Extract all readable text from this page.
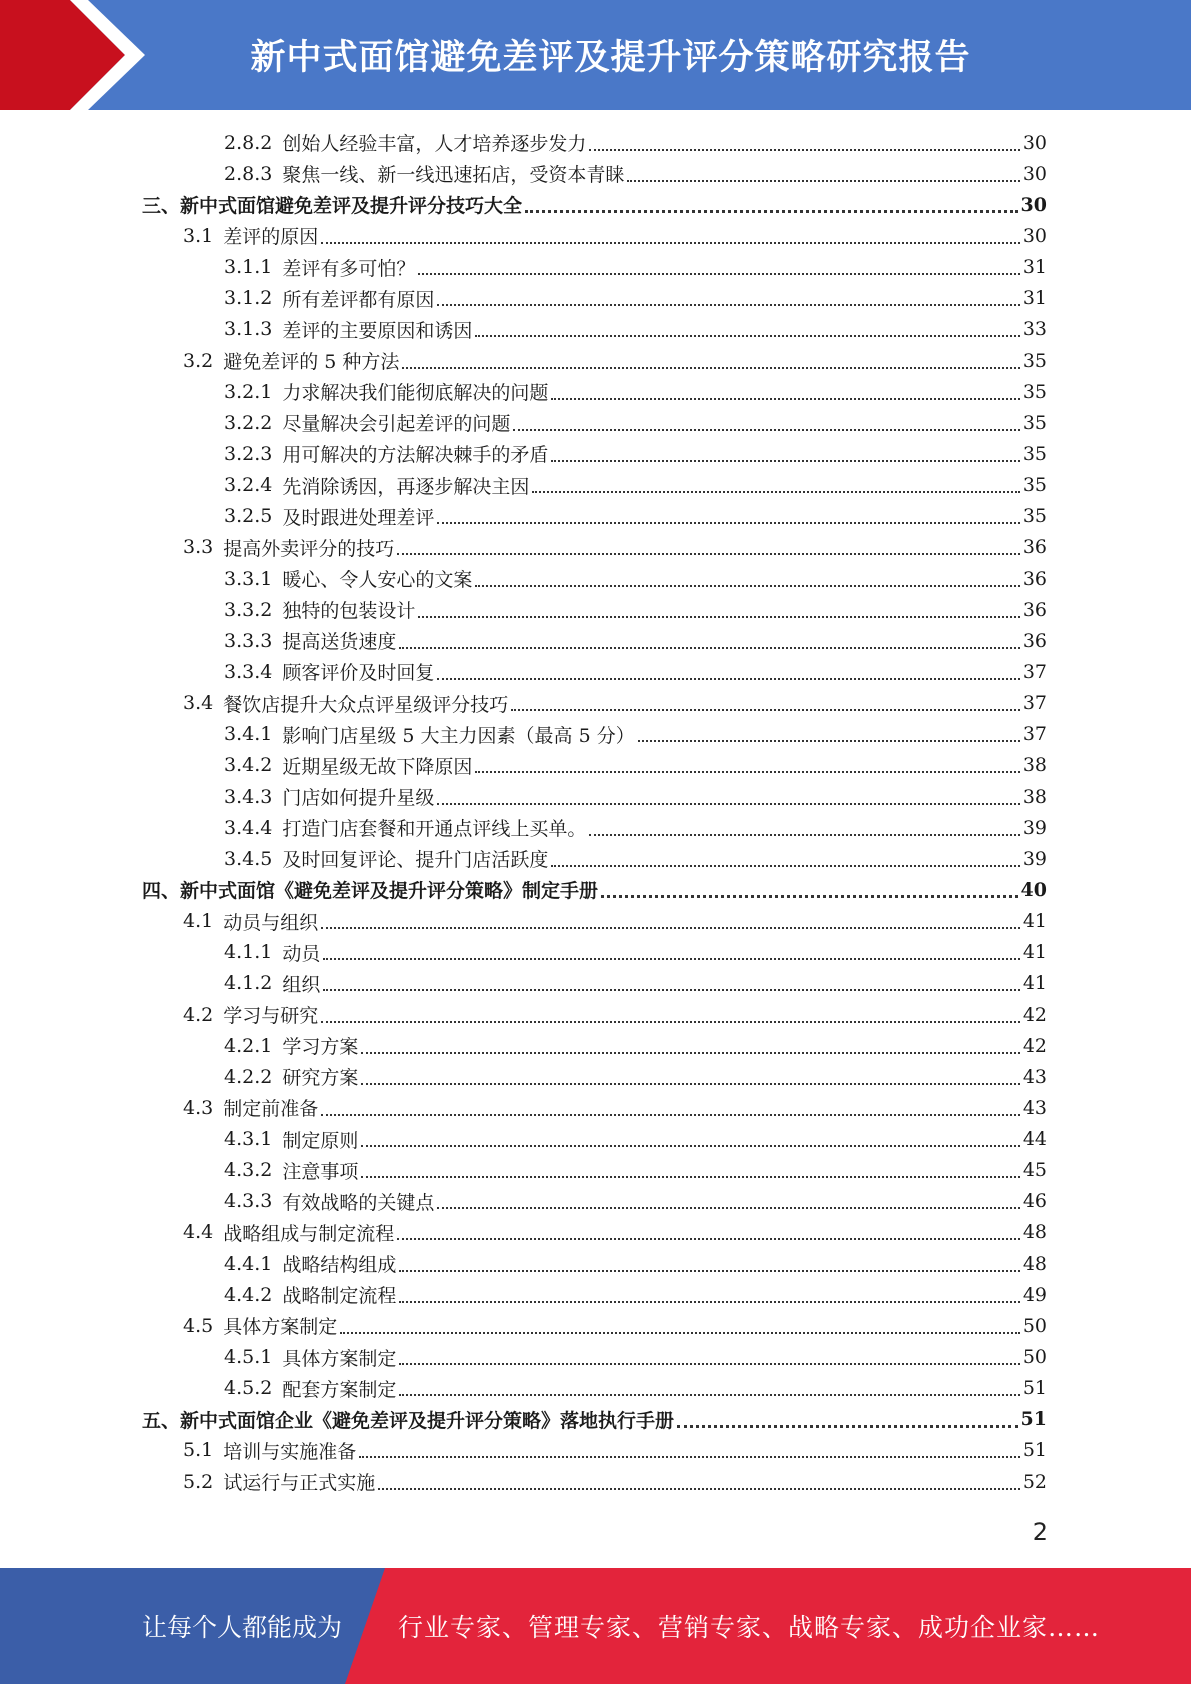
新中式面馆避免差评及提升评分策略研究报告
2.8.2 创始人经验丰富，人才培养逐步发力	30
2.8.3 聚焦一线、新一线迅速拓店，受资本青睐	30
三、新中式面馆避免差评及提升评分技巧大全	30
3.1 差评的原因	30
3.1.1 差评有多可怕？	31
3.1.2 所有差评都有原因	31
3.1.3 差评的主要原因和诱因	33
3.2 避免差评的 5 种方法	35
3.2.1 力求解决我们能彻底解决的问题	35
3.2.2 尽量解决会引起差评的问题	35
3.2.3 用可解决的方法解决棘手的矛盾	35
3.2.4 先消除诱因，再逐步解决主因	35
3.2.5 及时跟进处理差评	35
3.3 提高外卖评分的技巧	36
3.3.1 暖心、令人安心的文案	36
3.3.2 独特的包装设计	36
3.3.3 提高送货速度	36
3.3.4 顾客评价及时回复	37
3.4 餐饮店提升大众点评星级评分技巧	37
3.4.1 影响门店星级 5 大主力因素（最高 5 分）	37
3.4.2 近期星级无故下降原因	38
3.4.3 门店如何提升星级	38
3.4.4 打造门店套餐和开通点评线上买单。	39
3.4.5 及时回复评论、提升门店活跃度	39
四、新中式面馆《避免差评及提升评分策略》制定手册	40
4.1 动员与组织	41
4.1.1 动员	41
4.1.2 组织	41
4.2 学习与研究	42
4.2.1 学习方案	42
4.2.2 研究方案	43
4.3 制定前准备	43
4.3.1 制定原则	44
4.3.2 注意事项	45
4.3.3 有效战略的关键点	46
4.4 战略组成与制定流程	48
4.4.1 战略结构组成	48
4.4.2 战略制定流程	49
4.5 具体方案制定	50
4.5.1 具体方案制定	50
4.5.2 配套方案制定	51
五、新中式面馆企业《避免差评及提升评分策略》落地执行手册	51
5.1 培训与实施准备	51
5.2 试运行与正式实施	52
2
让每个人都能成为 行业专家、管理专家、营销专家、战略专家、成功企业家……
